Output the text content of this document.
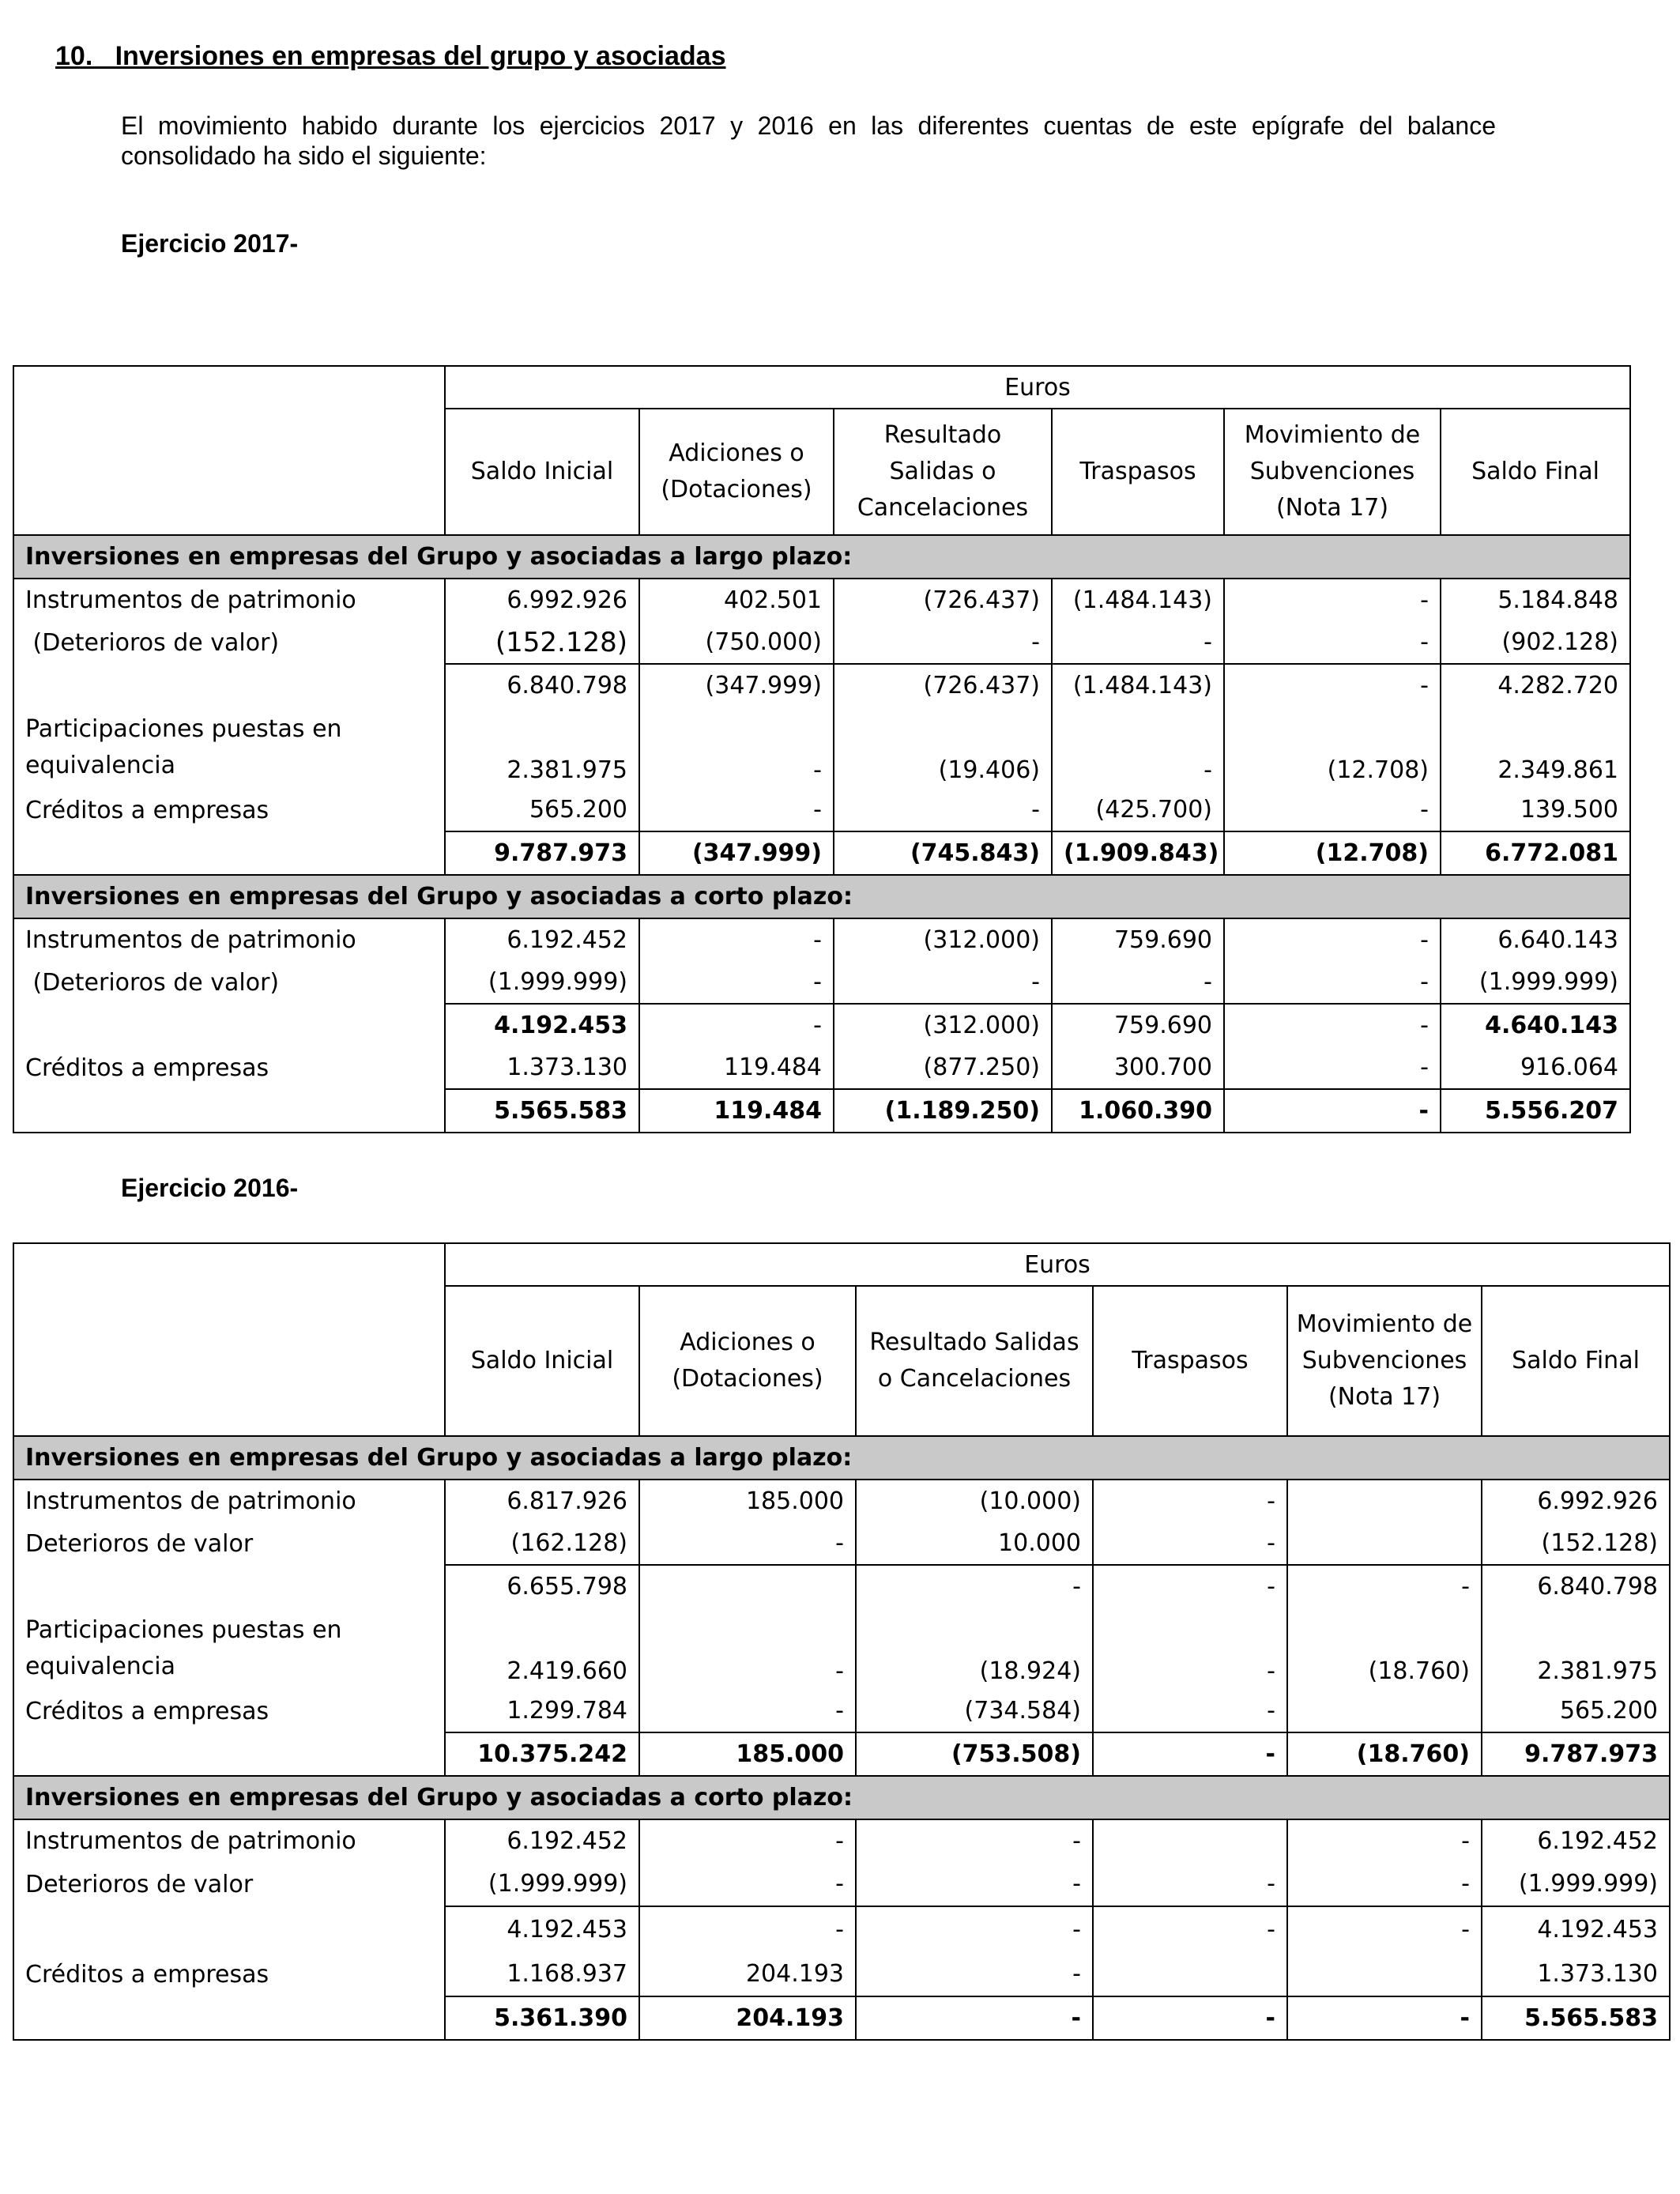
10.   Inversiones en empresas del grupo y asociadas
El movimiento habido durante los ejercicios 2017 y 2016 en las diferentes cuentas de este epígrafe del balance consolidado ha sido el siguiente:
Ejercicio 2017-
	Euros					
	Saldo Inicial	Adiciones o (Dotaciones)	Resultado Salidas o Cancelaciones	Traspasos	Movimiento de Subvenciones (Nota 17)	Saldo Final
Inversiones en empresas del Grupo y asociadas a largo plazo:						
Instrumentos de patrimonio	6.992.926	402.501	(726.437)	(1.484.143)	-	5.184.848
(Deterioros de valor)	(152.128)	(750.000)	-	-	-	(902.128)
	6.840.798	(347.999)	(726.437)	(1.484.143)	-	4.282.720
Participaciones puestas en equivalencia	2.381.975	-	(19.406)	-	(12.708)	2.349.861
Créditos a empresas	565.200	-	-	(425.700)	-	139.500
	9.787.973	(347.999)	(745.843)	(1.909.843)	(12.708)	6.772.081
Inversiones en empresas del Grupo y asociadas a corto plazo:						
Instrumentos de patrimonio	6.192.452	-	(312.000)	759.690	-	6.640.143
(Deterioros de valor)	(1.999.999)	-	-	-	-	(1.999.999)
	4.192.453	-	(312.000)	759.690	-	4.640.143
Créditos a empresas	1.373.130	119.484	(877.250)	300.700	-	916.064
	5.565.583	119.484	(1.189.250)	1.060.390	-	5.556.207
Ejercicio 2016-
	Euros					
	Saldo Inicial	Adiciones o (Dotaciones)	Resultado Salidas o Cancelaciones	Traspasos	Movimiento de Subvenciones (Nota 17)	Saldo Final
Inversiones en empresas del Grupo y asociadas a largo plazo:						
Instrumentos de patrimonio	6.817.926	185.000	(10.000)	-		6.992.926
Deterioros de valor	(162.128)	-	10.000	-		(152.128)
	6.655.798		-	-	-	6.840.798
Participaciones puestas en equivalencia	2.419.660	-	(18.924)	-	(18.760)	2.381.975
Créditos a empresas	1.299.784	-	(734.584)	-		565.200
	10.375.242	185.000	(753.508)	-	(18.760)	9.787.973
Inversiones en empresas del Grupo y asociadas a corto plazo:						
Instrumentos de patrimonio	6.192.452	-	-		-	6.192.452
Deterioros de valor	(1.999.999)	-	-	-	-	(1.999.999)
	4.192.453	-	-	-	-	4.192.453
Créditos a empresas	1.168.937	204.193	-			1.373.130
	5.361.390	204.193	-	-	-	5.565.583
